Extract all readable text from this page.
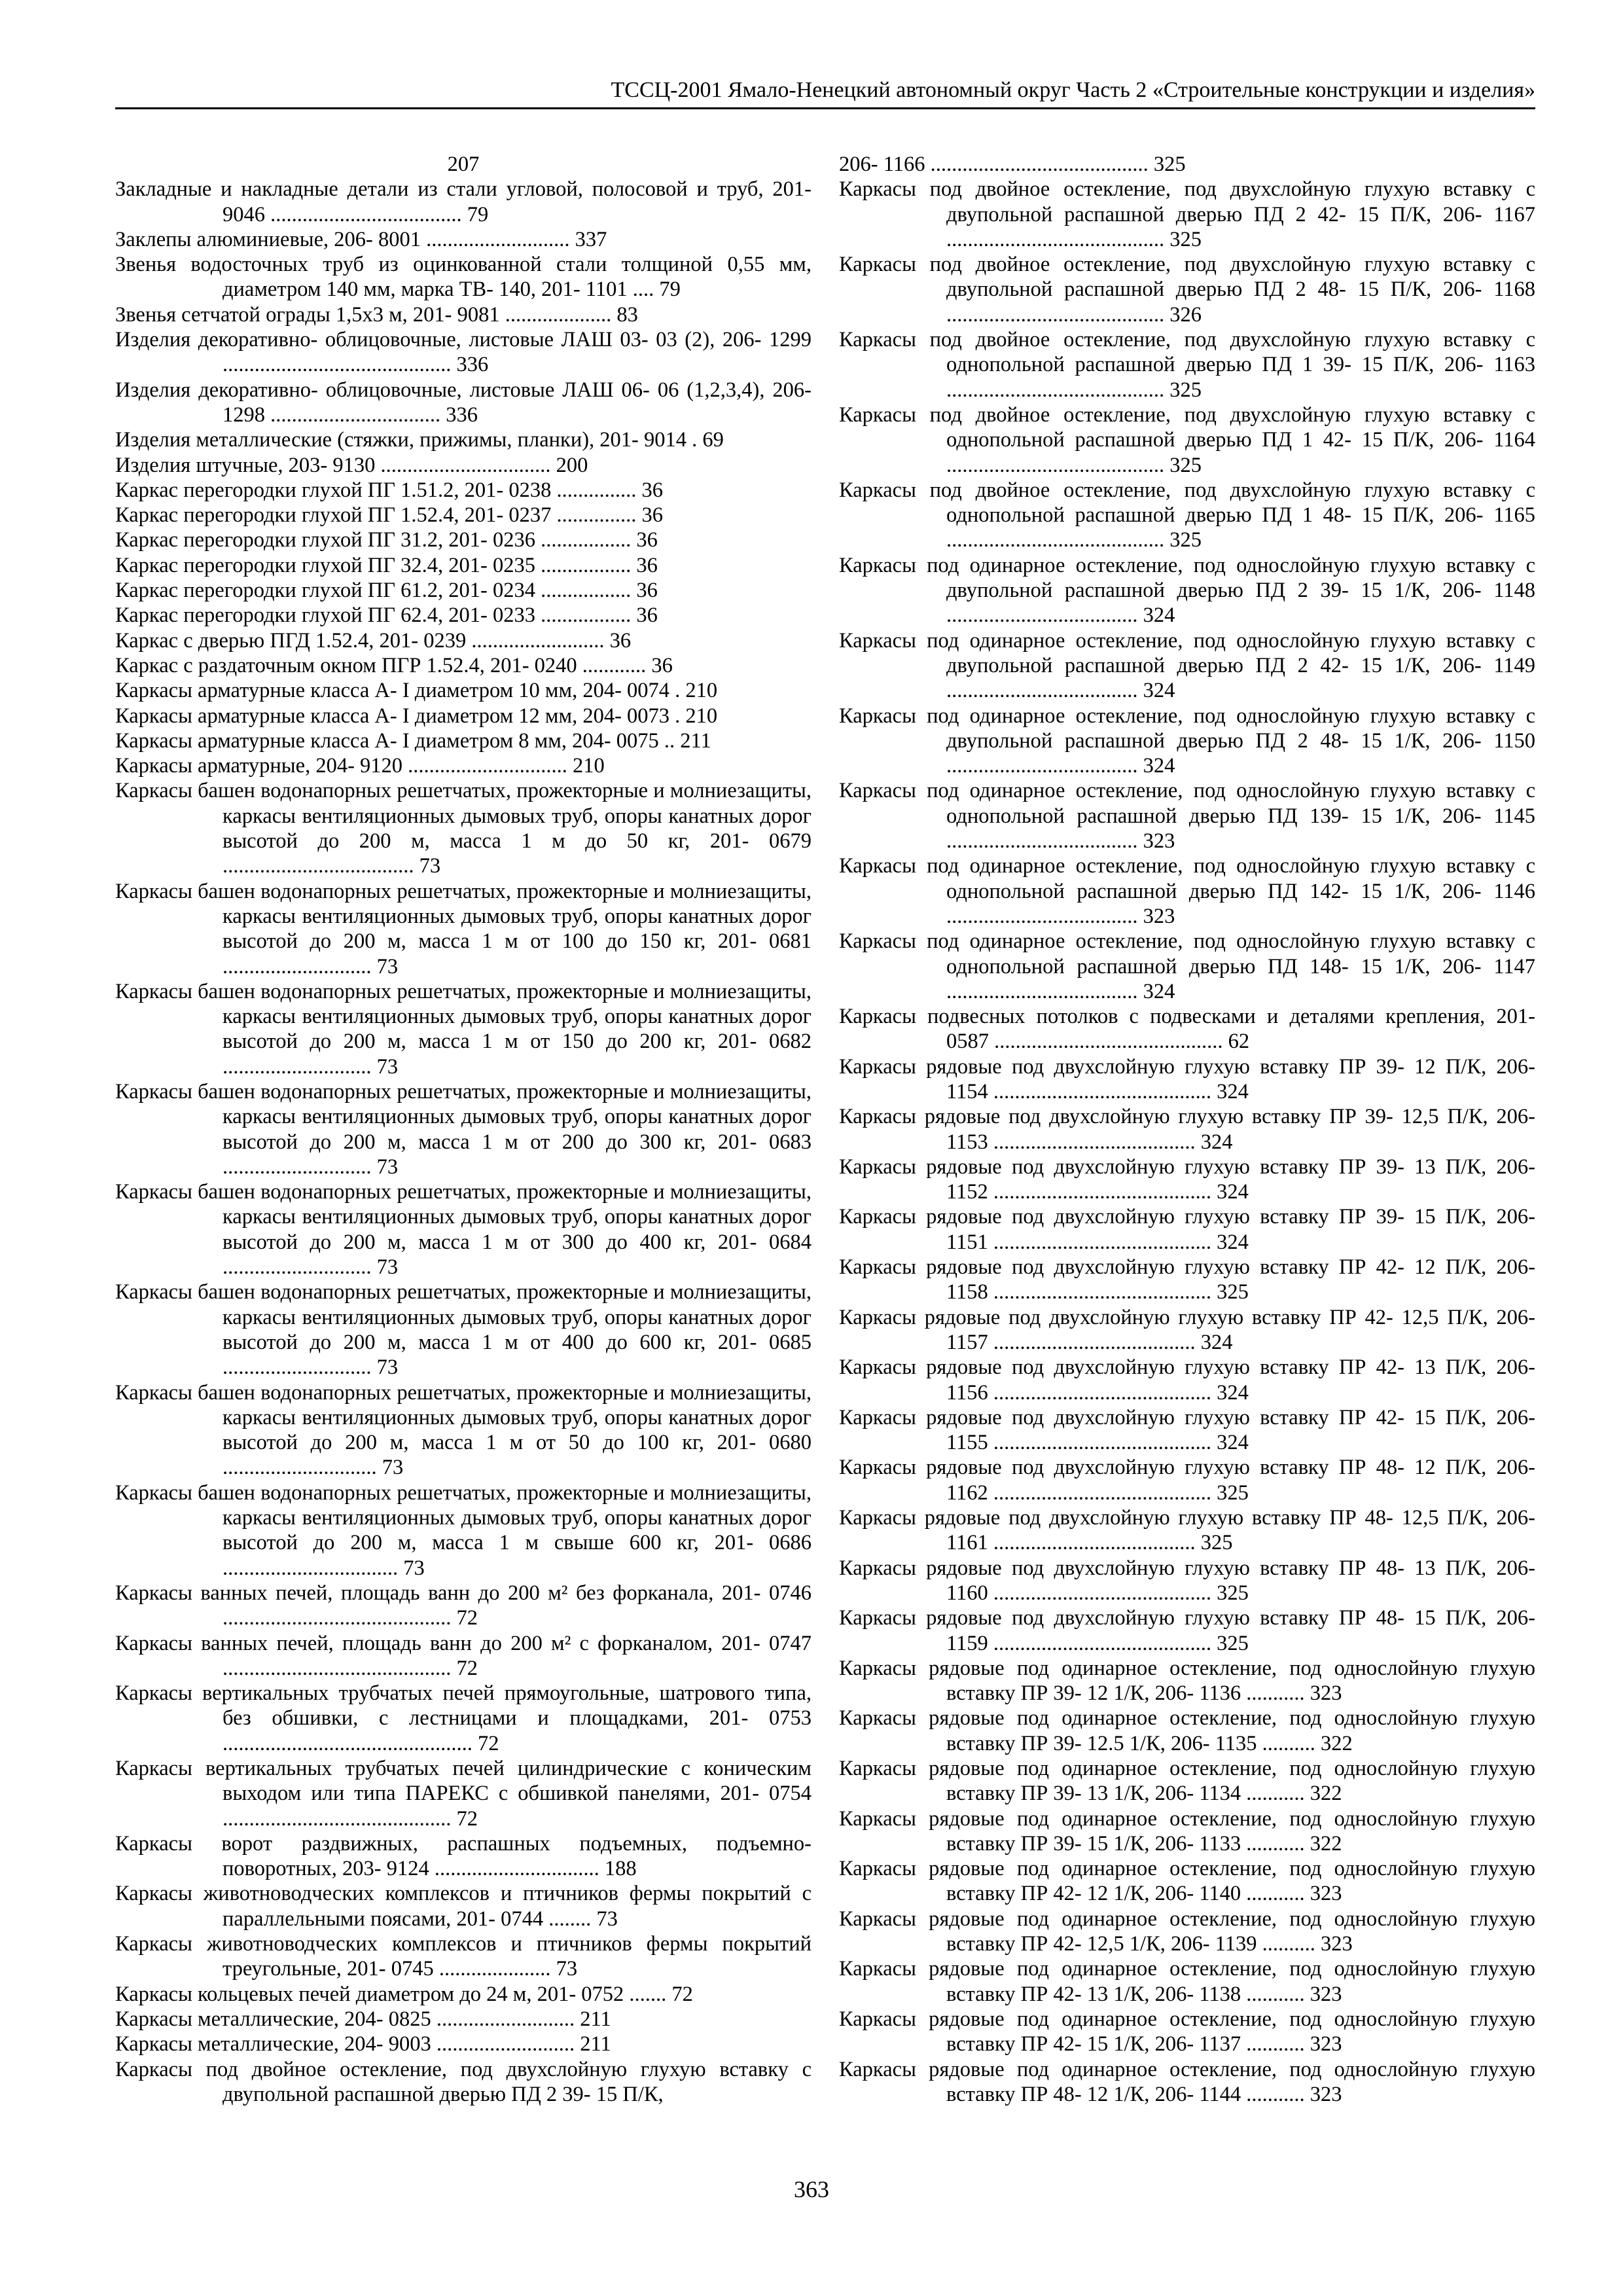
ТССЦ-2001 Ямало-Ненецкий автономный округ Часть 2 «Строительные конструкции и изделия»

207

Закладные и накладные детали из стали угловой, полосовой и труб, 201- 9046 .................................... 79

Заклепы алюминиевые, 206- 8001 ........................... 337

Звенья водосточных труб из оцинкованной стали толщиной 0,55 мм, диаметром 140 мм, марка ТВ- 140, 201- 1101 .... 79

Звенья сетчатой ограды 1,5х3 м, 201- 9081 .................... 83

Изделия декоративно- облицовочные, листовые ЛАШ 03- 03 (2), 206- 1299 ........................................... 336

Изделия декоративно- облицовочные, листовые ЛАШ 06- 06 (1,2,3,4), 206- 1298 ................................ 336

Изделия металлические (стяжки, прижимы, планки), 201- 9014 . 69

Изделия штучные, 203- 9130 ................................ 200

Каркас перегородки глухой ПГ 1.51.2, 201- 0238 ............... 36

Каркас перегородки глухой ПГ 1.52.4, 201- 0237 ............... 36

Каркас перегородки глухой ПГ 31.2, 201- 0236 ................. 36

Каркас перегородки глухой ПГ 32.4, 201- 0235 ................. 36

Каркас перегородки глухой ПГ 61.2, 201- 0234 ................. 36

Каркас перегородки глухой ПГ 62.4, 201- 0233 ................. 36

Каркас с дверью ПГД 1.52.4, 201- 0239 ......................... 36

Каркас с раздаточным окном ПГР 1.52.4, 201- 0240 ............ 36

Каркасы арматурные класса А- I диаметром 10 мм, 204- 0074 . 210

Каркасы арматурные класса А- I диаметром 12 мм, 204- 0073 . 210

Каркасы арматурные класса А- I диаметром 8 мм, 204- 0075 .. 211

Каркасы арматурные, 204- 9120 .............................. 210

Каркасы башен водонапорных решетчатых, прожекторные и молниезащиты, каркасы вентиляционных дымовых труб, опоры канатных дорог высотой до 200 м, масса 1 м до 50 кг, 201- 0679 .................................... 73

Каркасы башен водонапорных решетчатых, прожекторные и молниезащиты, каркасы вентиляционных дымовых труб, опоры канатных дорог высотой до 200 м, масса 1 м от 100 до 150 кг, 201- 0681 ............................ 73

Каркасы башен водонапорных решетчатых, прожекторные и молниезащиты, каркасы вентиляционных дымовых труб, опоры канатных дорог высотой до 200 м, масса 1 м от 150 до 200 кг, 201- 0682 ............................ 73

Каркасы башен водонапорных решетчатых, прожекторные и молниезащиты, каркасы вентиляционных дымовых труб, опоры канатных дорог высотой до 200 м, масса 1 м от 200 до 300 кг, 201- 0683 ............................ 73

Каркасы башен водонапорных решетчатых, прожекторные и молниезащиты, каркасы вентиляционных дымовых труб, опоры канатных дорог высотой до 200 м, масса 1 м от 300 до 400 кг, 201- 0684 ............................ 73

Каркасы башен водонапорных решетчатых, прожекторные и молниезащиты, каркасы вентиляционных дымовых труб, опоры канатных дорог высотой до 200 м, масса 1 м от 400 до 600 кг, 201- 0685 ............................ 73

Каркасы башен водонапорных решетчатых, прожекторные и молниезащиты, каркасы вентиляционных дымовых труб, опоры канатных дорог высотой до 200 м, масса 1 м от 50 до 100 кг, 201- 0680 ............................. 73

Каркасы башен водонапорных решетчатых, прожекторные и молниезащиты, каркасы вентиляционных дымовых труб, опоры канатных дорог высотой до 200 м, масса 1 м свыше 600 кг, 201- 0686 ................................. 73

Каркасы ванных печей, площадь ванн до 200 м² без форканала, 201- 0746 ........................................... 72

Каркасы ванных печей, площадь ванн до 200 м² с форканалом, 201- 0747 ........................................... 72

Каркасы вертикальных трубчатых печей прямоугольные, шатрового типа, без обшивки, с лестницами и площадками, 201- 0753 ............................................... 72

Каркасы вертикальных трубчатых печей цилиндрические с коническим выходом или типа ПАРЕКС с обшивкой панелями, 201- 0754 ........................................... 72

Каркасы ворот раздвижных, распашных подъемных, подъемно- поворотных, 203- 9124 ............................... 188

Каркасы животноводческих комплексов и птичников фермы покрытий с параллельными поясами, 201- 0744 ........ 73

Каркасы животноводческих комплексов и птичников фермы покрытий треугольные, 201- 0745 ..................... 73

Каркасы кольцевых печей диаметром до 24 м, 201- 0752 ....... 72

Каркасы металлические, 204- 0825 .......................... 211

Каркасы металлические, 204- 9003 .......................... 211

Каркасы под двойное остекление, под двухслойную глухую вставку с двупольной распашной дверью ПД 2 39- 15 П/К,

206- 1166 ......................................... 325

Каркасы под двойное остекление, под двухслойную глухую вставку с двупольной распашной дверью ПД 2 42- 15 П/К, 206- 1167 ......................................... 325

Каркасы под двойное остекление, под двухслойную глухую вставку с двупольной распашной дверью ПД 2 48- 15 П/К, 206- 1168 ......................................... 326

Каркасы под двойное остекление, под двухслойную глухую вставку с однопольной распашной дверью ПД 1 39- 15 П/К, 206- 1163 ......................................... 325

Каркасы под двойное остекление, под двухслойную глухую вставку с однопольной распашной дверью ПД 1 42- 15 П/К, 206- 1164 ......................................... 325

Каркасы под двойное остекление, под двухслойную глухую вставку с однопольной распашной дверью ПД 1 48- 15 П/К, 206- 1165 ......................................... 325

Каркасы под одинарное остекление, под однослойную глухую вставку с двупольной распашной дверью ПД 2 39- 15 1/К, 206- 1148 .................................... 324

Каркасы под одинарное остекление, под однослойную глухую вставку с двупольной распашной дверью ПД 2 42- 15 1/К, 206- 1149 .................................... 324

Каркасы под одинарное остекление, под однослойную глухую вставку с двупольной распашной дверью ПД 2 48- 15 1/К, 206- 1150 .................................... 324

Каркасы под одинарное остекление, под однослойную глухую вставку с однопольной распашной дверью ПД 139- 15 1/К, 206- 1145 .................................... 323

Каркасы под одинарное остекление, под однослойную глухую вставку с однопольной распашной дверью ПД 142- 15 1/К, 206- 1146 .................................... 323

Каркасы под одинарное остекление, под однослойную глухую вставку с однопольной распашной дверью ПД 148- 15 1/К, 206- 1147 .................................... 324

Каркасы подвесных потолков с подвесками и деталями крепления, 201- 0587 ........................................... 62

Каркасы рядовые под двухслойную глухую вставку ПР 39- 12 П/К, 206- 1154 ......................................... 324

Каркасы рядовые под двухслойную глухую вставку ПР 39- 12,5 П/К, 206- 1153 ...................................... 324

Каркасы рядовые под двухслойную глухую вставку ПР 39- 13 П/К, 206- 1152 ......................................... 324

Каркасы рядовые под двухслойную глухую вставку ПР 39- 15 П/К, 206- 1151 ......................................... 324

Каркасы рядовые под двухслойную глухую вставку ПР 42- 12 П/К, 206- 1158 ......................................... 325

Каркасы рядовые под двухслойную глухую вставку ПР 42- 12,5 П/К, 206- 1157 ...................................... 324

Каркасы рядовые под двухслойную глухую вставку ПР 42- 13 П/К, 206- 1156 ......................................... 324

Каркасы рядовые под двухслойную глухую вставку ПР 42- 15 П/К, 206- 1155 ......................................... 324

Каркасы рядовые под двухслойную глухую вставку ПР 48- 12 П/К, 206- 1162 ......................................... 325

Каркасы рядовые под двухслойную глухую вставку ПР 48- 12,5 П/К, 206- 1161 ...................................... 325

Каркасы рядовые под двухслойную глухую вставку ПР 48- 13 П/К, 206- 1160 ......................................... 325

Каркасы рядовые под двухслойную глухую вставку ПР 48- 15 П/К, 206- 1159 ......................................... 325

Каркасы рядовые под одинарное остекление, под однослойную глухую вставку ПР 39- 12 1/К, 206- 1136 ........... 323

Каркасы рядовые под одинарное остекление, под однослойную глухую вставку ПР 39- 12.5 1/К, 206- 1135 .......... 322

Каркасы рядовые под одинарное остекление, под однослойную глухую вставку ПР 39- 13 1/К, 206- 1134 ........... 322

Каркасы рядовые под одинарное остекление, под однослойную глухую вставку ПР 39- 15 1/К, 206- 1133 ........... 322

Каркасы рядовые под одинарное остекление, под однослойную глухую вставку ПР 42- 12 1/К, 206- 1140 ........... 323

Каркасы рядовые под одинарное остекление, под однослойную глухую вставку ПР 42- 12,5 1/К, 206- 1139 .......... 323

Каркасы рядовые под одинарное остекление, под однослойную глухую вставку ПР 42- 13 1/К, 206- 1138 ........... 323

Каркасы рядовые под одинарное остекление, под однослойную глухую вставку ПР 42- 15 1/К, 206- 1137 ........... 323

Каркасы рядовые под одинарное остекление, под однослойную глухую вставку ПР 48- 12 1/К, 206- 1144 ........... 323

363
